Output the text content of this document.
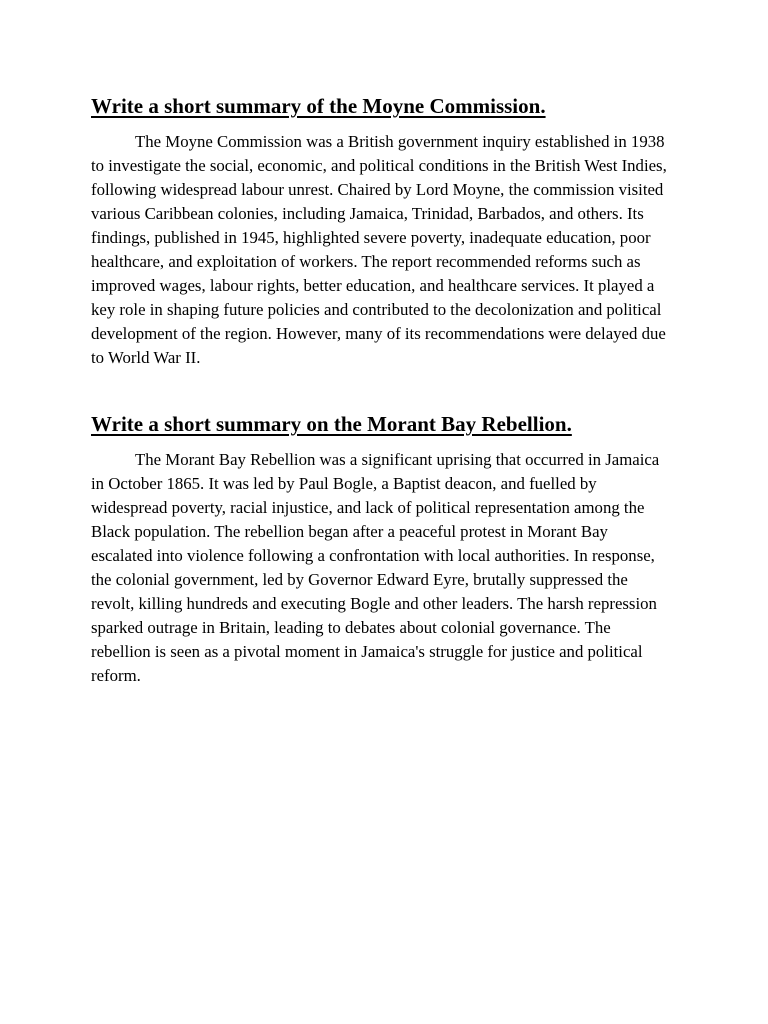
Write a short summary of the Moyne Commission.

The Moyne Commission was a British government inquiry established in 1938 to investigate the social, economic, and political conditions in the British West Indies, following widespread labour unrest. Chaired by Lord Moyne, the commission visited various Caribbean colonies, including Jamaica, Trinidad, Barbados, and others. Its findings, published in 1945, highlighted severe poverty, inadequate education, poor healthcare, and exploitation of workers. The report recommended reforms such as improved wages, labour rights, better education, and healthcare services. It played a key role in shaping future policies and contributed to the decolonization and political development of the region. However, many of its recommendations were delayed due to World War II.

Write a short summary on the Morant Bay Rebellion.

The Morant Bay Rebellion was a significant uprising that occurred in Jamaica in October 1865. It was led by Paul Bogle, a Baptist deacon, and fuelled by widespread poverty, racial injustice, and lack of political representation among the Black population. The rebellion began after a peaceful protest in Morant Bay escalated into violence following a confrontation with local authorities. In response, the colonial government, led by Governor Edward Eyre, brutally suppressed the revolt, killing hundreds and executing Bogle and other leaders. The harsh repression sparked outrage in Britain, leading to debates about colonial governance. The rebellion is seen as a pivotal moment in Jamaica's struggle for justice and political reform.
